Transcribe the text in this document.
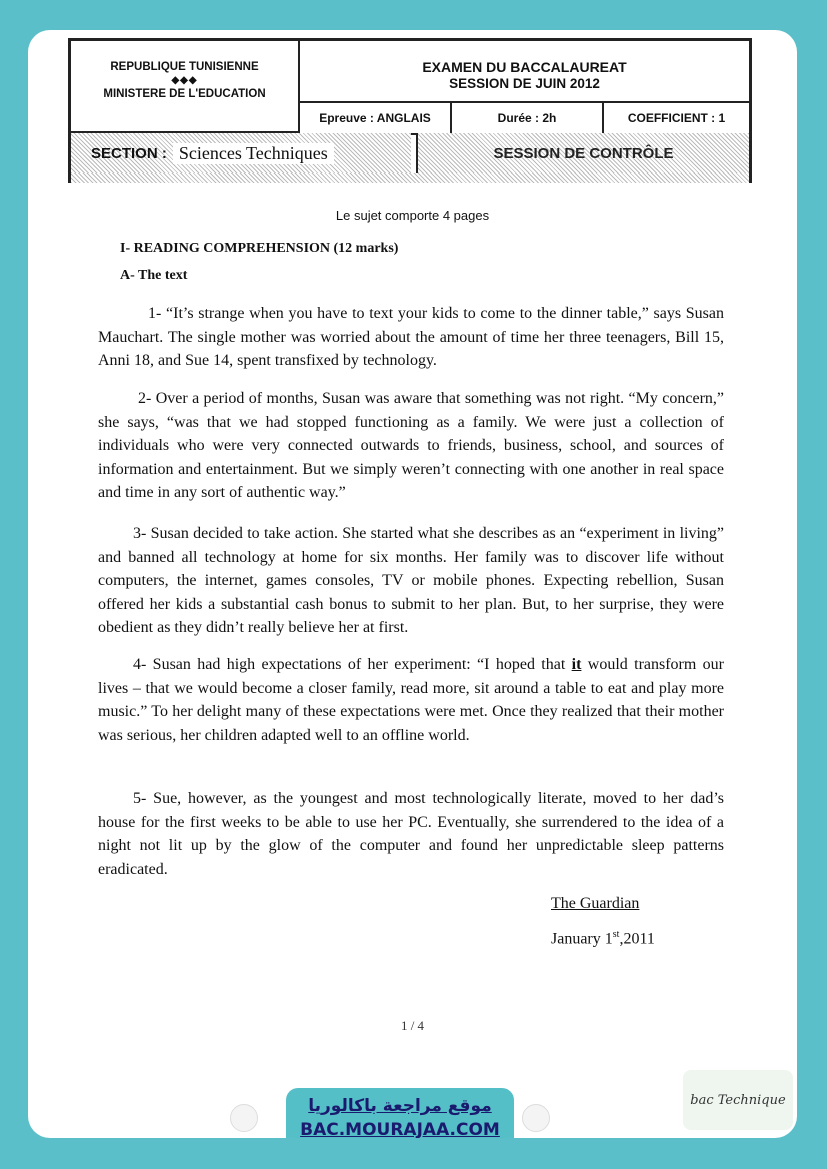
REPUBLIQUE TUNISIENNE
◆◆◆
MINISTERE DE L'EDUCATION
EXAMEN DU BACCALAUREAT
SESSION DE JUIN 2012
Epreuve : ANGLAIS	Durée : 2h	COEFFICIENT : 1
SECTION : Sciences Techniques	SESSION DE CONTRÔLE
Le sujet comporte 4 pages
I- READING COMPREHENSION (12 marks)
A- The text

1- “It’s strange when you have to text your kids to come to the dinner table,” says Susan Mauchart. The single mother was worried about the amount of time her three teenagers, Bill 15, Anni 18, and Sue 14, spent transfixed by technology.

2- Over a period of months, Susan was aware that something was not right. “My concern,” she says, “was that we had stopped functioning as a family. We were just a collection of individuals who were very connected outwards to friends, business, school, and sources of information and entertainment. But we simply weren’t connecting with one another in real space and time in any sort of authentic way.”

3- Susan decided to take action. She started what she describes as an “experiment in living” and banned all technology at home for six months. Her family was to discover life without computers, the internet, games consoles, TV or mobile phones. Expecting rebellion, Susan offered her kids a substantial cash bonus to submit to her plan. But, to her surprise, they were obedient as they didn’t really believe her at first.

4- Susan had high expectations of her experiment: “I hoped that it would transform our lives – that we would become a closer family, read more, sit around a table to eat and play more music.” To her delight many of these expectations were met. Once they realized that their mother was serious, her children adapted well to an offline world.

5- Sue, however, as the youngest and most technologically literate, moved to her dad’s house for the first weeks to be able to use her PC. Eventually, she surrendered to the idea of a night not lit up by the glow of the computer and found her unpredictable sleep patterns eradicated.

The Guardian
January 1st,2011
1 / 4
موقع مراجعة باكالوريا
BAC.MOURAJAA.COM
bac Technique
